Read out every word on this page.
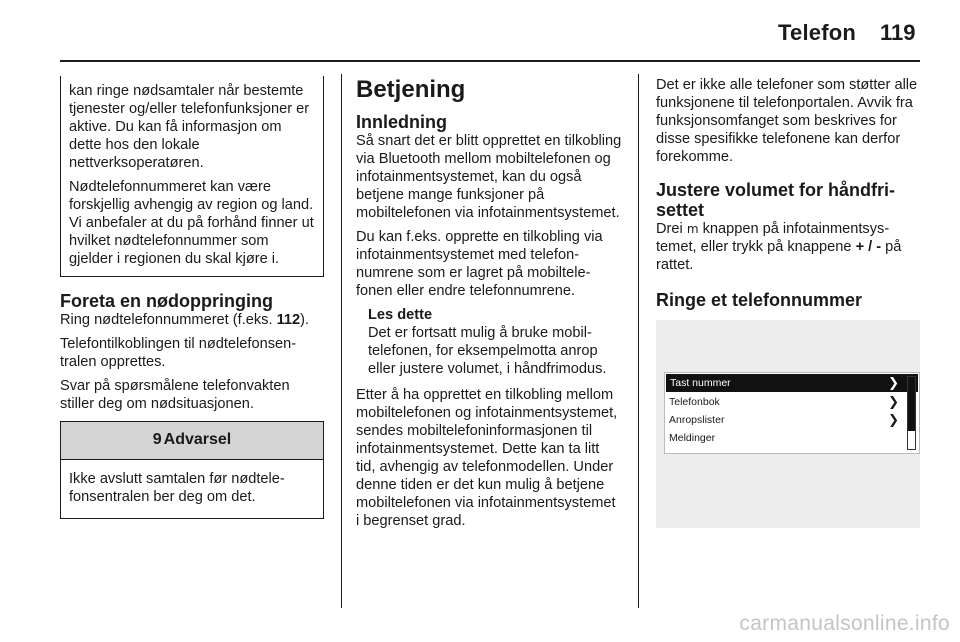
Telefon 119

kan ringe nødsamtaler når bestemte tjenester og/eller telefonfunksjoner er aktive. Du kan få informasjon om dette hos den lokale nettverksoperatøren.

Nødtelefonnummeret kan være forskjellig avhengig av region og land. Vi anbefaler at du på forhånd finner ut hvilket nødtelefonnummer som gjelder i regionen du skal kjøre i.

Foreta en nødoppringing

Ring nødtelefonnummeret (f.eks. 112).

Telefontilkoblingen til nødtelefonsentralen opprettes.

Svar på spørsmålene telefonvakten stiller deg om nødsituasjonen.

9 Advarsel

Ikke avslutt samtalen før nødtelefonsentralen ber deg om det.

Betjening
Innledning

Så snart det er blitt opprettet en tilkobling via Bluetooth mellom mobiltelefonen og infotainmentsystemet, kan du også betjene mange funksjoner på mobiltelefonen via infotainmentsystemet.

Du kan f.eks. opprette en tilkobling via infotainmentsystemet med telefonnumrene som er lagret på mobiltelefonen eller endre telefonnumrene.

Les dette

Det er fortsatt mulig å bruke mobiltelefonen, for eksempelmotta anrop eller justere volumet, i håndfrimodus.

Etter å ha opprettet en tilkobling mellom mobiltelefonen og infotainmentsystemet, sendes mobiltelefoninformasjonen til infotainmentsystemet. Dette kan ta litt tid, avhengig av telefonmodellen. Under denne tiden er det kun mulig å betjene mobiltelefonen via infotainmentsystemet i begrenset grad.

Det er ikke alle telefoner som støtter alle funksjonene til telefonportalen. Avvik fra funksjonsomfanget som beskrives for disse spesifikke telefonene kan derfor forekomme.

Justere volumet for håndfrisettet

Drei m knappen på infotainmentsystemet, eller trykk på knappene + / - på rattet.

Ringe et telefonnummer
Tast nummer	❯
Telefonbok	❯
Anropslister	❯
Meldinger
carmanualsonline.info
